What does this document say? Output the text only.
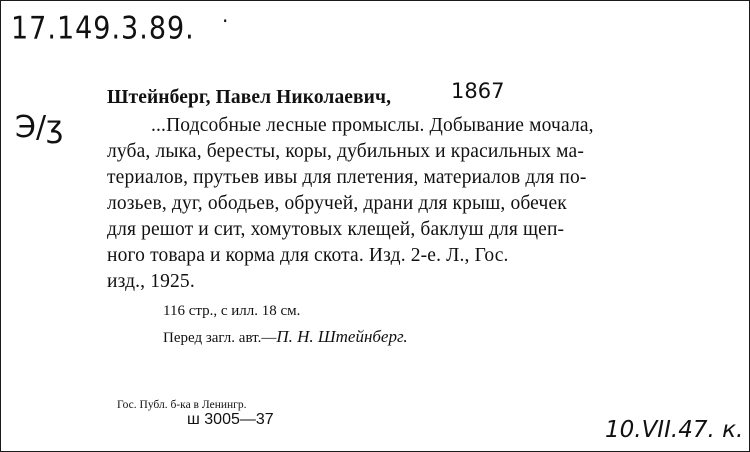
17.149.3.89. ·
Э/ӡ
Штейнберг, Павел Николаевич,	1867
...Подсобные лесные промыслы. Добывание мочала,
луба, лыка, бересты, коры, дубильных и красильных ма-
териалов, прутьев ивы для плетения, материалов для по-
лозьев, дуг, ободьев, обручей, драни для крыш, обечек
для решот и сит, хомутовых клещей, баклуш для щеп-
ного товара и корма для скота. Изд. 2-е. Л., Гос.
изд., 1925.
116 стр., с илл. 18 см.
Перед загл. авт.—П. Н. Штейнберг.
Гос. Публ. б-ка в Ленингр.
ш 3005—37	10.VII.47. к.
